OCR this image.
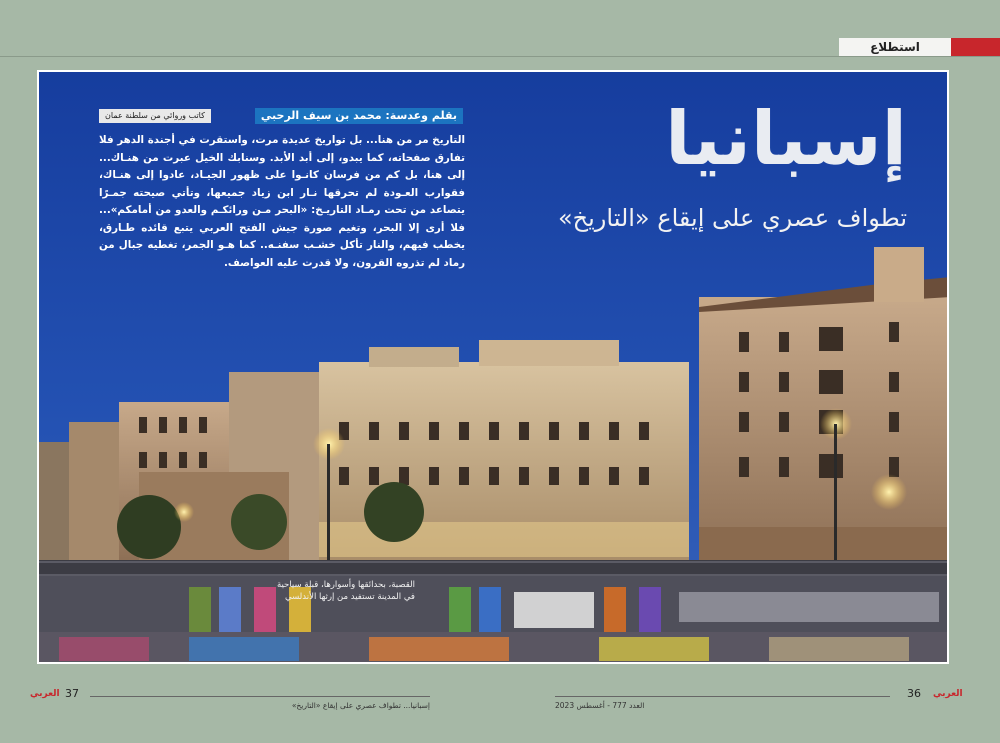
استطلاع
إسبانيا
تطواف عصري على إيقاع «التاريخ»
بقلم وعدسة: محمد بن سيف الرحبي
كاتب وروائي من سلطنة عمان
التاريخ مر من هنا... بل تواريخ عديدة مرت، واستقرت في أجندة الدهر فلا تفارق صفحاته، كما يبدو، إلى أبد الأبد. وسنابك الخيل عبرت من هنـاك... إلى هنا، بل كم من فرسان كانـوا على ظهور الجيـاد، عادوا إلى هنـاك، فقوارب العـودة لم تحرقها نـار ابن زياد جميعها، وتأتي صيحته جمـرًا يتصاعد من تحت رمـاد التاريـخ: «البحر مـن ورائكـم والعدو من أمامكم»... فلا أرى إلا البحر، وتغيم صورة جيش الفتح العربي يتبع قائده طـارق، يخطب فيهم، والنار تأكل خشـب سفنـه.. كما هـو الجمر، تغطيه جبال من رماد لم تذروه القرون، ولا قدرت عليه العواصف.
القصبة، بحدائقها وأسوارها، قبلة سياحية في المدينة تستفيد من إرثها الأندلسي
العربي 37
إسبانيا... تطواف عصري على إيقاع «التاريخ»
36 العربي
العدد 777 - أغسطس 2023
